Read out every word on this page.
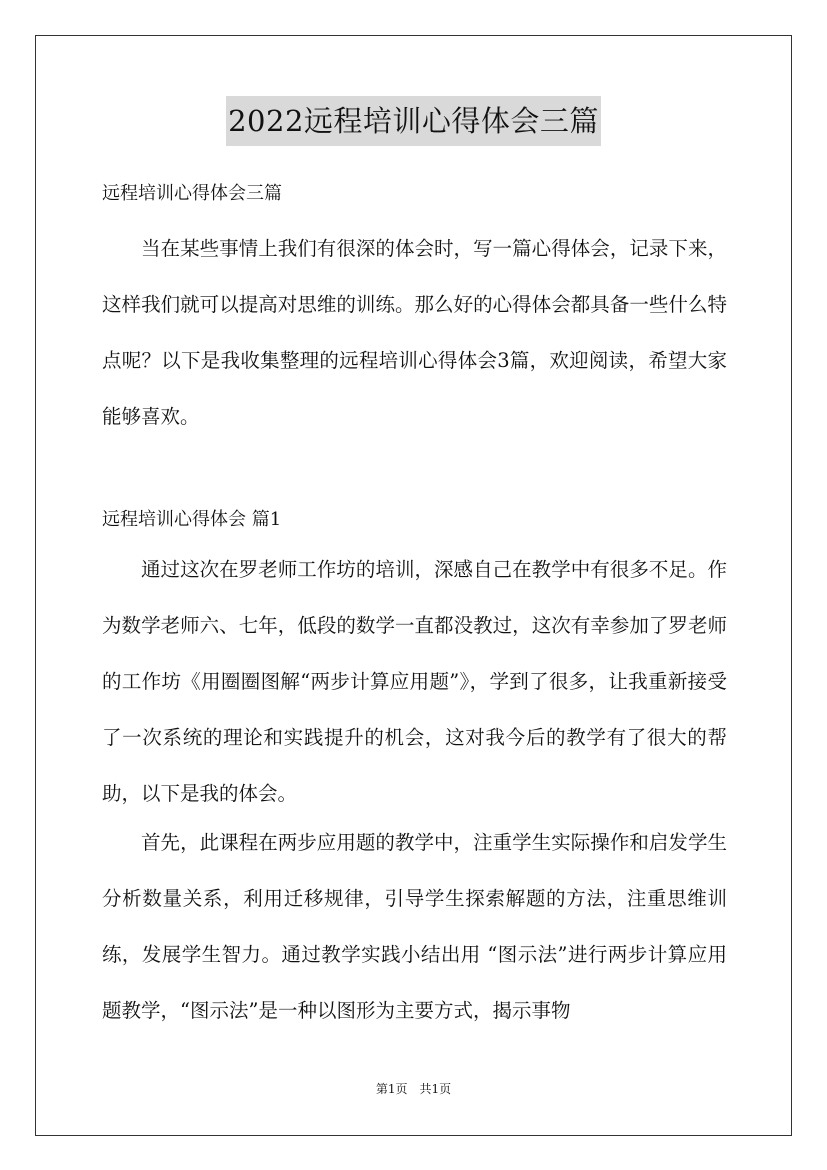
2022远程培训心得体会三篇
远程培训心得体会三篇

当在某些事情上我们有很深的体会时，写一篇心得体会，记录下来，这样我们就可以提高对思维的训练。那么好的心得体会都具备一些什么特点呢？以下是我收集整理的远程培训心得体会3篇，欢迎阅读，希望大家能够喜欢。

远程培训心得体会 篇1

通过这次在罗老师工作坊的培训，深感自己在教学中有很多不足。作为数学老师六、七年，低段的数学一直都没教过，这次有幸参加了罗老师的工作坊《用圈圈图解“两步计算应用题”》，学到了很多，让我重新接受了一次系统的理论和实践提升的机会，这对我今后的教学有了很大的帮助，以下是我的体会。

首先，此课程在两步应用题的教学中，注重学生实际操作和启发学生分析数量关系，利用迁移规律，引导学生探索解题的方法，注重思维训练，发展学生智力。通过教学实践小结出用 “图示法”进行两步计算应用题教学，“图示法”是一种以图形为主要方式，揭示事物

第1页 共1页
